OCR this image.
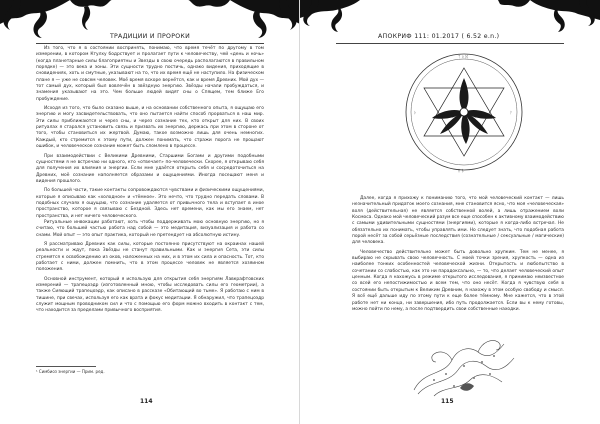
ТРАДИЦИИ И ПРОРОКИ

Из того, что я в состоянии воспринять, понимаю, что время течёт по другому в том измерении, в котором Ктулху бодрствует и пролагает пути к человечеству, чей «день и ночь» (когда планетарные силы благоприятны и Звезды в свою очередь располагаются в правильном порядке) — это века и эоны. Эти сущности трудно постичь, однако видения, приходящие в сновидениях, хоть и смутные, указывают на то, что их время ещё не наступило. На физическом плане я — уже не совсем человек. Моё время вскоре вернётся, как и время Древних. Мой дух — тот самый дух, который был вовлечён в звёздную энергию. Звёзды начали пробуждаться, и знамения указывают на это. Чем больше людей видят сны о Спящем, тем ближе Его пробуждение.

Исходя из того, что было сказано выше, и на основании собственного опыта, я ощущаю его энергию и могу засвидетельствовать, что оно пытается найти способ прорваться в наш мир. Эти силы приближаются и через сны, и через сознание тех, кто открыт для них. В своих ритуалах я старался установить связь и призвать их энергию, держась при этом в стороне от того, чтобы становиться их жертвой. Думаю, такое возможно лишь для очень немногих. Каждый, кто стремится к этому пути, должен понимать, что стражи порога не прощают ошибок, и человеческое сознание может быть сломлено в процессе.

При взаимодействии с Великими Древними, Старшими Богами и другими подобными сущностями я не встречаю ни одного, кто «отвечает» по-человечески. Скорее, я открываю себя для получения их влияния и энергии. Если мне удаётся открыть себя и сосредоточиться на Древних, моё сознание наполняется образами и ощущениями. Иногда посещают меня и видения прошлого.

По большей части, такие контакты сопровождаются чувствами и физическими ощущениями, которые я описываю как «холодное» и «тёмное». Это нечто, что трудно передать словами. В подобных случаях я ощущаю, что сознание удаляется от привычного тела и вступает в иное пространство, которое я связываю с Бездной. Здесь нет времени, как мы его знаем, нет пространства, и нет ничего человеческого.

Ритуальные инвокации работают, хоть чтобы поддерживать мою основную энергию, но я считаю, что большей частью работа над собой — это медитация, визуализация и работа со снами. Мой опыт — это опыт практика, который не претендует на абсолютную истину.

Я рассматриваю Древних как силы, которые постоянно присутствуют на окраинах нашей реальности и ждут, пока Звёзды не станут правильными. Как и энергия Сета, эти силы стремятся к освобождению из оков, наложенных на них, и в этом их сила и опасность. Тот, кто работает с ними, должен помнить, что в этом процессе человек не является хозяином положения.

Основной инструмент, который я использую для открытия себя энергиям Лавкрафтовских измерений — трапецоэдр (изготовленный мною, чтобы исследовать силы его геометрии), а также Сияющий трапецоэдр, как описано в рассказе «Обитающий во тьме». Я работаю с ним в тишине, при свечах, используя его как врата и фокус медитации. Я обнаружил, что трапецоэдр служит мощным проводником сил и что с помощью его форм можно входить в контакт с тем, что находится за пределами привычного восприятия.

¹ Симбиоз энергии — Прим. ред.
114
АПОКРИФ 111: 01.2017 ( 6.52 e.n.)
ᛉ ᛟ ᛞ
ᚦ	ᚨ
ᛗ ᛒ

Далее, когда я прихожу к пониманию того, что мой человеческий контакт — лишь незначительный придаток моего сознания, мне становится ясно, что моя «человеческая» воля (действительная) не является собственной волей, а лишь отражением воли Космоса. Однако мой человеческий разум все еще способен к активному взаимодействию с самыми удивительными сущностями (энергиями), которые я когда-либо встречал. Не обязательно их понимать, чтобы управлять ими. Но следует знать, что подобная работа порой несёт за собой серьёзные последствия (сознательные / сексуальные / магические) для человека.

Человечество действительно может быть довольно хрупким. Тем не менее, я выбираю не скрывать свою человечность. С моей точки зрения, хрупкость — одна из наиболее тонких особенностей человеческой жизни. Открытость и любопытство в сочетании со слабостью, как это ни парадоксально, — то, что делает человеческий опыт ценным. Когда я нахожусь в режиме открытого исследования, я принимаю неизвестное со всей его непостижимостью и всем тем, что оно несёт. Когда я чувствую себя в состоянии быть открытым к Великим Древним, я нахожу в этом особую свободу и смысл. Я всё ещё дальше иду по этому пути к еще более тёмному. Мне кажется, что в этой работе нет ни конца, ни завершения, ибо путь продолжается. Если вы к нему готовы, можно пойти по нему, а после подтвердить свои собственные находки.

115
